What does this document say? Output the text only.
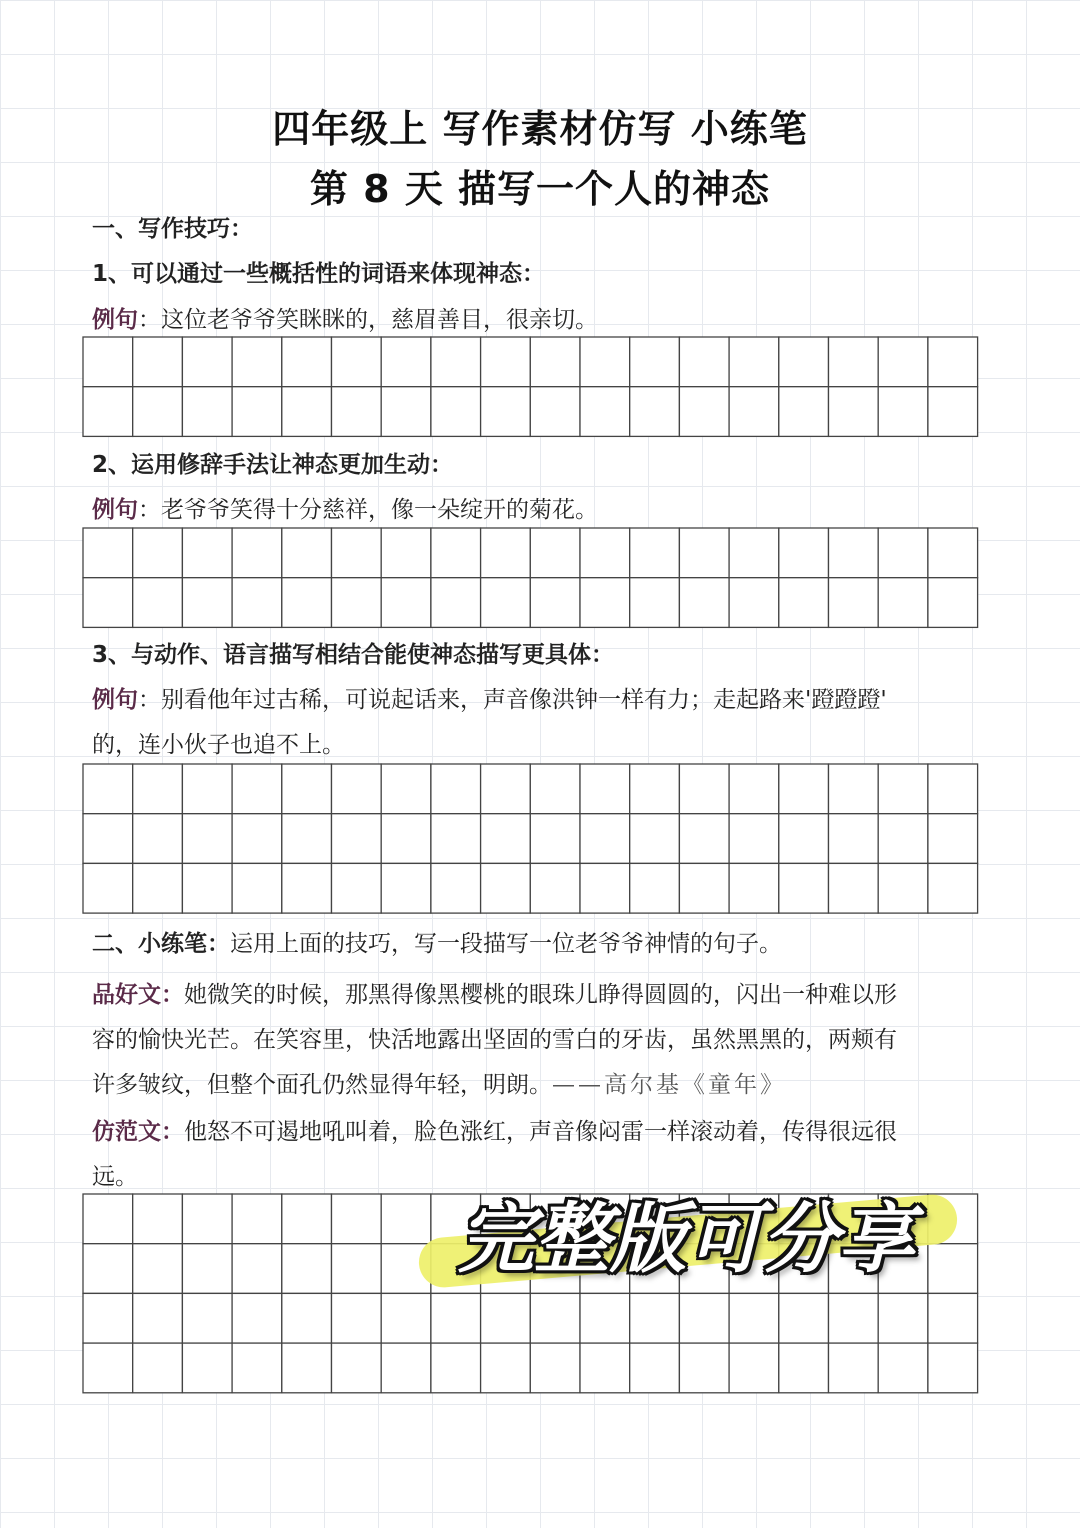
四年级上 写作素材仿写 小练笔
第 8 天 描写一个人的神态
一、写作技巧：
1、可以通过一些概括性的词语来体现神态：
例句：这位老爷爷笑眯眯的，慈眉善目，很亲切。
2、运用修辞手法让神态更加生动：
例句：老爷爷笑得十分慈祥，像一朵绽开的菊花。
3、与动作、语言描写相结合能使神态描写更具体：
例句：别看他年过古稀，可说起话来，声音像洪钟一样有力；走起路来'蹬蹬蹬'
的，连小伙子也追不上。
二、小练笔：运用上面的技巧，写一段描写一位老爷爷神情的句子。
品好文：她微笑的时候，那黑得像黑樱桃的眼珠儿睁得圆圆的，闪出一种难以形
容的愉快光芒。在笑容里，快活地露出坚固的雪白的牙齿，虽然黑黑的，两颊有
许多皱纹，但整个面孔仍然显得年轻，明朗。——高尔基《童年》
仿范文：他怒不可遏地吼叫着，脸色涨红，声音像闷雷一样滚动着，传得很远很
远。
完整版可分享
